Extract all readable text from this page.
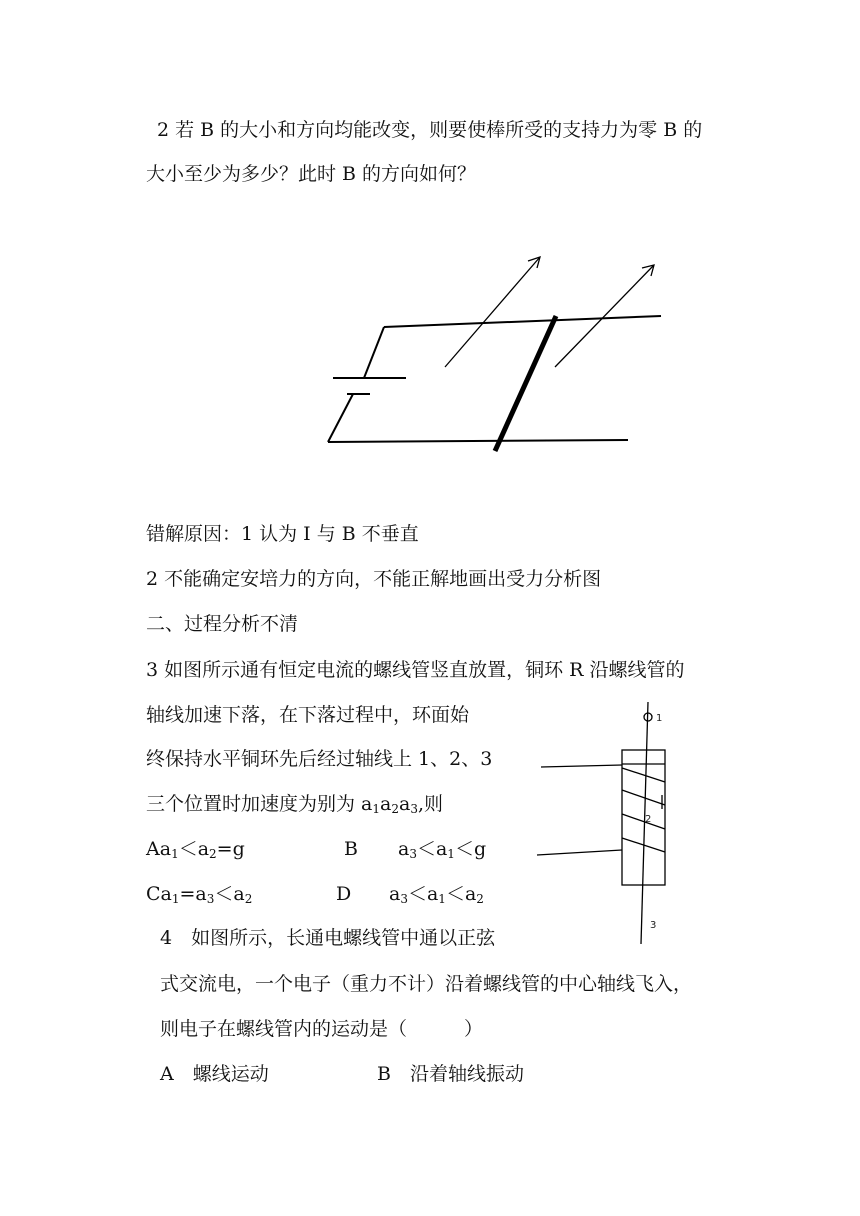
1
2
3
2 若 B 的大小和方向均能改变，则要使棒所受的支持力为零 B 的
大小至少为多少？此时 B 的方向如何？
错解原因：1 认为 I 与 B 不垂直
2 不能确定安培力的方向，不能正解地画出受力分析图
二、过程分析不清
3 如图所示通有恒定电流的螺线管竖直放置，铜环 R 沿螺线管的
轴线加速下落，在下落过程中，环面始
终保持水平铜环先后经过轴线上 1、2、3
三个位置时加速度为别为 $a_1a_2a_3$,则
$Aa_1<a_2=g$	B $a_3<a_1<g$
$Ca_1=a_3<a_2$	D $a_3<a_1<a_2$
4　如图所示，长通电螺线管中通以正弦
式交流电，一个电子（重力不计）沿着螺线管的中心轴线飞入，
则电子在螺线管内的运动是（　　　）
A　螺线运动	B　沿着轴线振动
